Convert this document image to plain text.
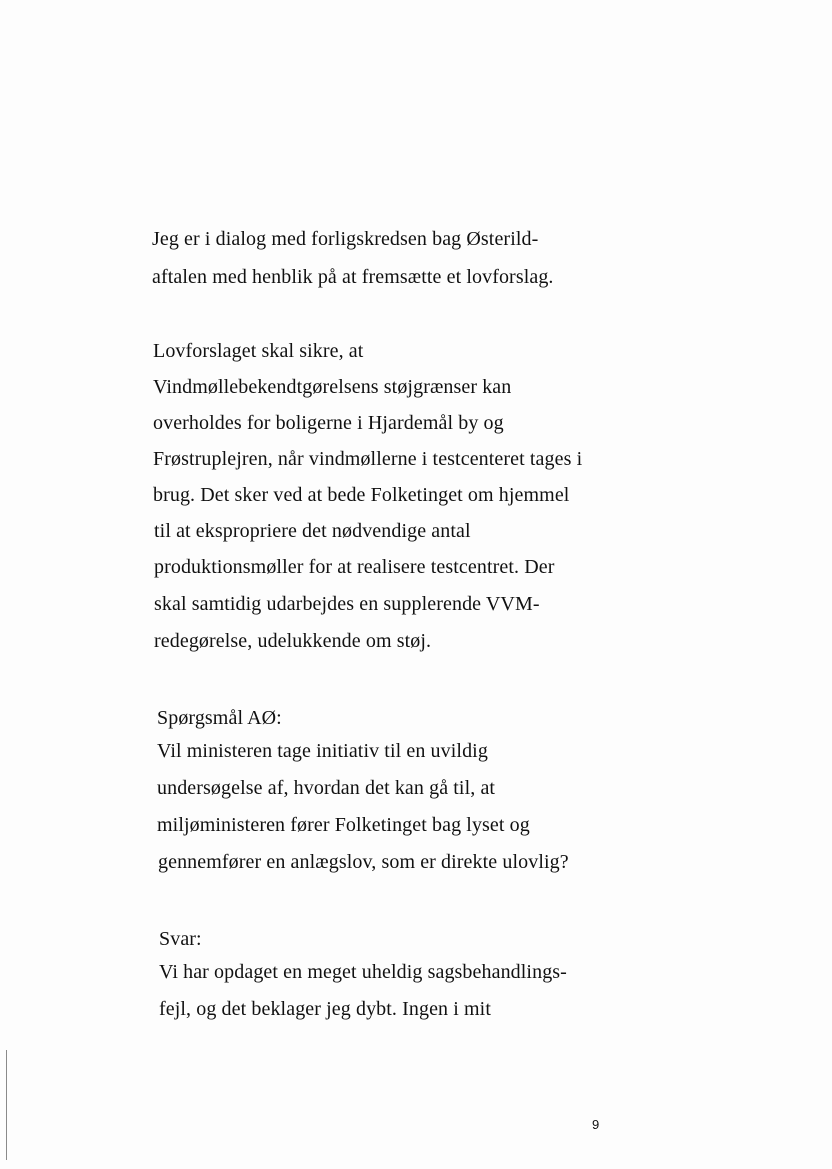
Jeg er i dialog med forligskredsen bag Østerild-
aftalen med henblik på at fremsætte et lovforslag.
Lovforslaget skal sikre, at
Vindmøllebekendtgørelsens støjgrænser kan
overholdes for boligerne i Hjardemål by og
Frøstruplejren, når vindmøllerne i testcenteret tages i
brug. Det sker ved at bede Folketinget om hjemmel
til at ekspropriere det nødvendige antal
produktionsmøller for at realisere testcentret. Der
skal samtidig udarbejdes en supplerende VVM-
redegørelse, udelukkende om støj.
Spørgsmål AØ:
Vil ministeren tage initiativ til en uvildig
undersøgelse af, hvordan det kan gå til, at
miljøministeren fører Folketinget bag lyset og
gennemfører en anlægslov, som er direkte ulovlig?
Svar:
Vi har opdaget en meget uheldig sagsbehandlings-
fejl, og det beklager jeg dybt. Ingen i mit
9
